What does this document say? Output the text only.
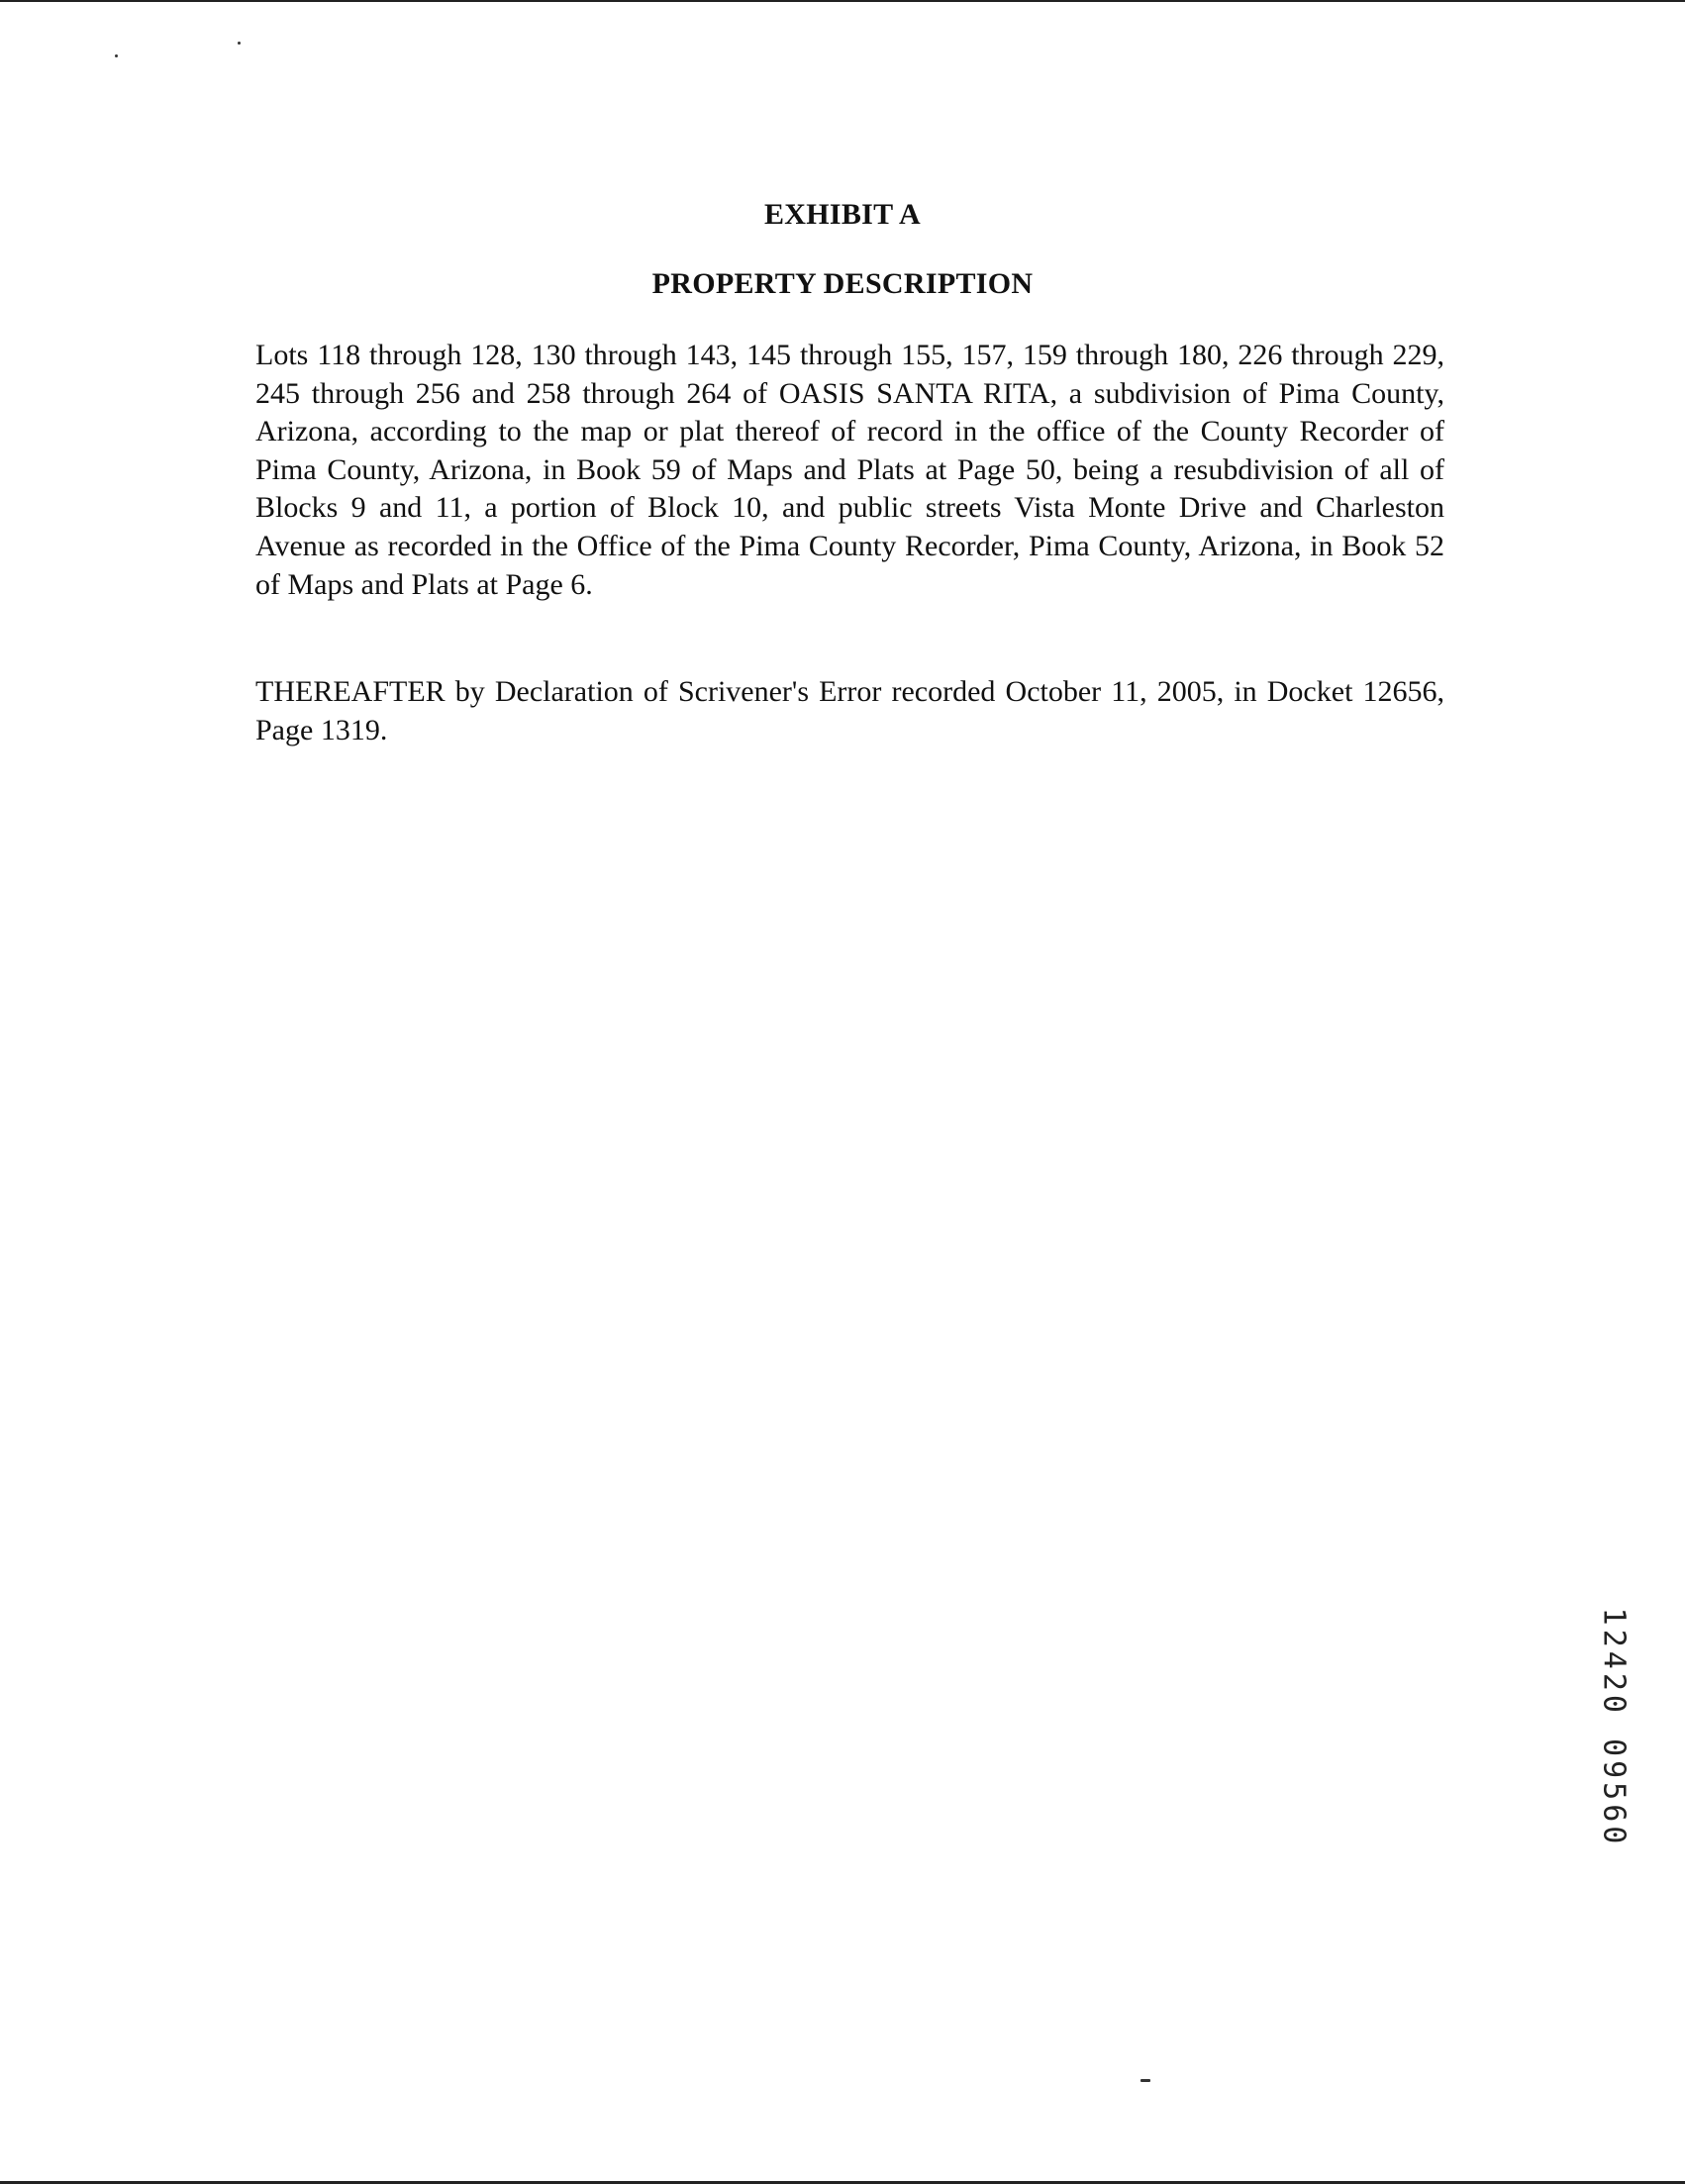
EXHIBIT A
PROPERTY DESCRIPTION

Lots 118 through 128, 130 through 143, 145 through 155, 157, 159 through 180, 226 through 229, 245 through 256 and 258 through 264 of OASIS SANTA RITA, a subdivision of Pima County, Arizona, according to the map or plat thereof of record in the office of the County Recorder of Pima County, Arizona, in Book 59 of Maps and Plats at Page 50, being a resubdivision of all of Blocks 9 and 11, a portion of Block 10, and public streets Vista Monte Drive and Charleston Avenue as recorded in the Office of the Pima County Recorder, Pima County, Arizona, in Book 52 of Maps and Plats at Page 6.

THEREAFTER by Declaration of Scrivener's Error recorded October 11, 2005, in Docket 12656, Page 1319.

12420 09560
